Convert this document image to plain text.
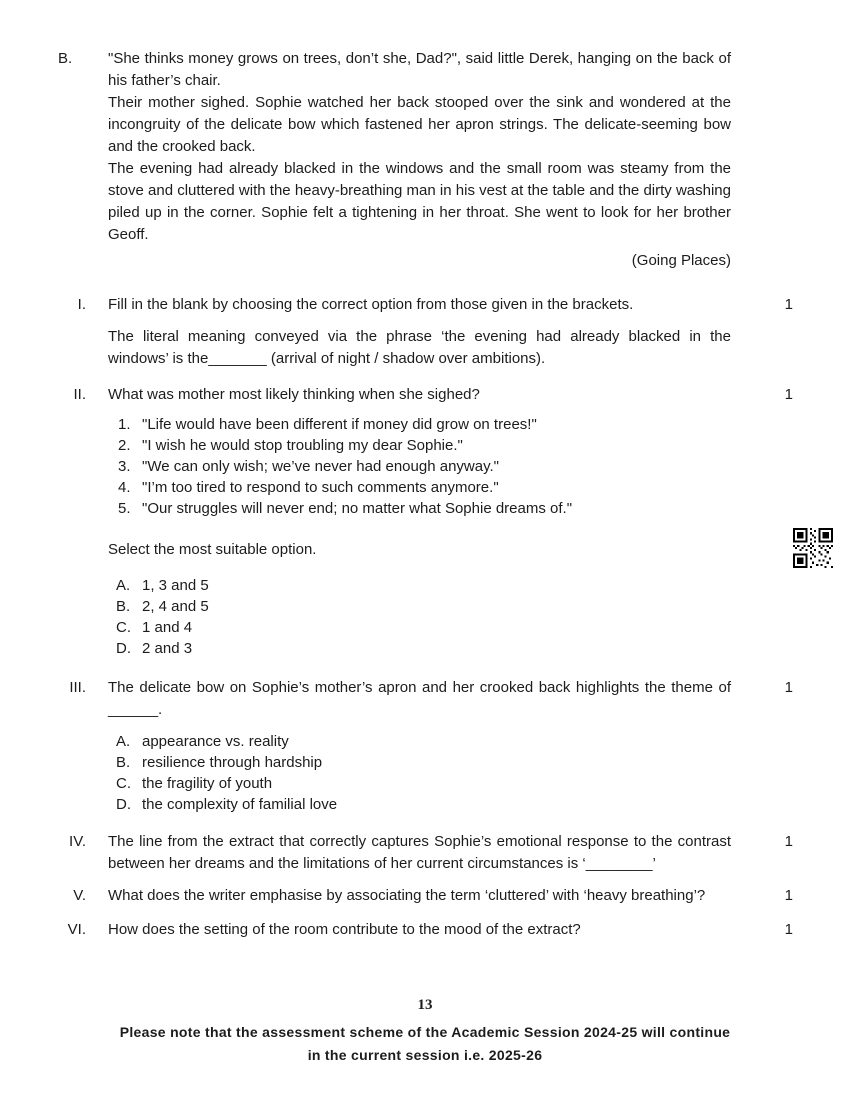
B.	"She thinks money grows on trees, don’t she, Dad?", said little Derek, hanging on the back of his father’s chair.

Their mother sighed. Sophie watched her back stooped over the sink and wondered at the incongruity of the delicate bow which fastened her apron strings. The delicate-seeming bow and the crooked back.

The evening had already blacked in the windows and the small room was steamy from the stove and cluttered with the heavy-breathing man in his vest at the table and the dirty washing piled up in the corner. Sophie felt a tightening in her throat. She went to look for her brother Geoff.

(Going Places)

I.	Fill in the blank by choosing the correct option from those given in the brackets.

The literal meaning conveyed via the phrase ‘the evening had already blacked in the windows’ is the_______ (arrival of night / shadow over ambitions).

1
II.	What was mother most likely thinking when she sighed?

1. "Life would have been different if money did grow on trees!"
2. "I wish he would stop troubling my dear Sophie."
3. "We can only wish; we’ve never had enough anyway."
4. "I’m too tired to respond to such comments anymore."
5. "Our struggles will never end; no matter what Sophie dreams of."

Select the most suitable option.

A. 1, 3 and 5
B. 2, 4 and 5
C. 1 and 4
D. 2 and 3
1
III.	The delicate bow on Sophie’s mother’s apron and her crooked back highlights the theme of ______.

A. appearance vs. reality
B. resilience through hardship
C. the fragility of youth
D. the complexity of familial love
1
IV.	The line from the extract that correctly captures Sophie’s emotional response to the contrast between her dreams and the limitations of her current circumstances is ‘________’

1
V.	What does the writer emphasise by associating the term ‘cluttered’ with ‘heavy breathing’?	1
VI.	How does the setting of the room contribute to the mood of the extract?	1
13
Please note that the assessment scheme of the Academic Session 2024-25 will continue
in the current session i.e. 2025-26
